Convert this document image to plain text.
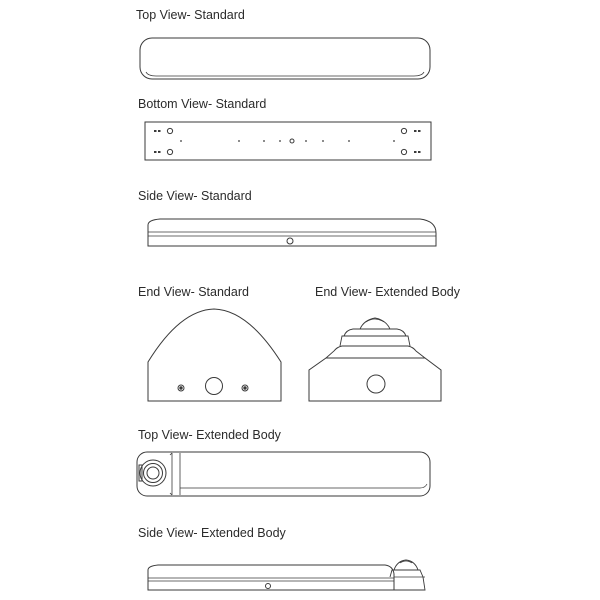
Top View- Standard
Bottom View- Standard
Side View- Standard
End View- Standard	End View- Extended Body
Top View- Extended Body
Side View- Extended Body
